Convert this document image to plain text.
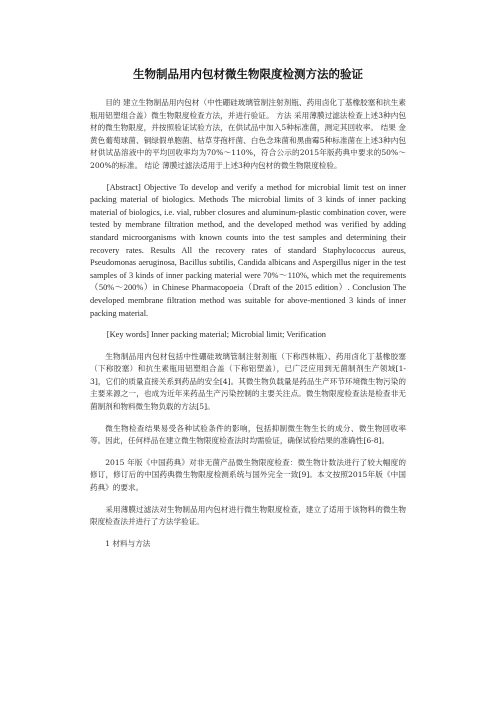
生物制品用内包材微生物限度检测方法的验证

目的 建立生物制品用内包材（中性硼硅玻璃管制注射剂瓶、药用卤化丁基橡胶塞和抗生素瓶用铝塑组合盖）微生物限度检查方法，并进行验证。 方法 采用薄膜过滤法检查上述3种内包材的微生物限度，并按照验证试验方法，在供试品中加入5种标准菌，测定其回收率。 结果 金黄色葡萄球菌、铜绿假单胞菌、枯草芽孢杆菌、白色念珠菌和黑曲霉5种标准菌在上述3种内包材供试品溶液中的平均回收率均为70%～110%，符合公示的2015年版药典中要求的50%～200%的标准。 结论 薄膜过滤法适用于上述3种内包材的微生物限度检验。

[Abstract] Objective To develop and verify a method for microbial limit test on inner packing material of biologics. Methods The microbial limits of 3 kinds of inner packing material of biologics, i.e. vial, rubber closures and aluminum-plastic combination cover, were tested by membrane filtration method, and the developed method was verified by adding standard microorganisms with known counts into the test samples and determining their recovery rates. Results All the recovery rates of standard Staphylococcus aureus, Pseudomonas aeruginosa, Bacillus subtilis, Candida albicans and Aspergillus niger in the test samples of 3 kinds of inner packing material were 70%～110%, which met the requirements（50%～200%）in Chinese Pharmacopoeia（Draft of the 2015 edition）. Conclusion The developed membrane filtration method was suitable for above-mentioned 3 kinds of inner packing material.

[Key words] Inner packing material; Microbial limit; Verification

生物制品用内包材包括中性硼硅玻璃管制注射剂瓶（下称西林瓶）、药用卤化丁基橡胶塞（下称胶塞）和抗生素瓶用铝塑组合盖（下称铝塑盖），已广泛应用到无菌制剂生产领域[1-3]，它们的质量直接关系到药品的安全[4]。其微生物负载量是药品生产环节环境微生物污染的主要来源之一，也成为近年来药品生产污染控制的主要关注点。微生物限度检查法是检查非无菌制剂和物料微生物负载的方法[5]。

微生物检查结果易受各种试验条件的影响，包括抑制微生物生长的成分、微生物回收率等。因此，任何样品在建立微生物限度检查法时均需验证，确保试验结果的准确性[6-8]。

2015 年版《中国药典》对非无菌产品微生物限度检查：微生物计数法进行了较大幅度的修订，修订后的中国药典微生物限度检测系统与国外完全一致[9]。本文按照2015年版《中国药典》的要求。

采用薄膜过滤法对生物制品用内包材进行微生物限度检查，建立了适用于该物料的微生物限度检查法并进行了方法学验证。

1 材料与方法
